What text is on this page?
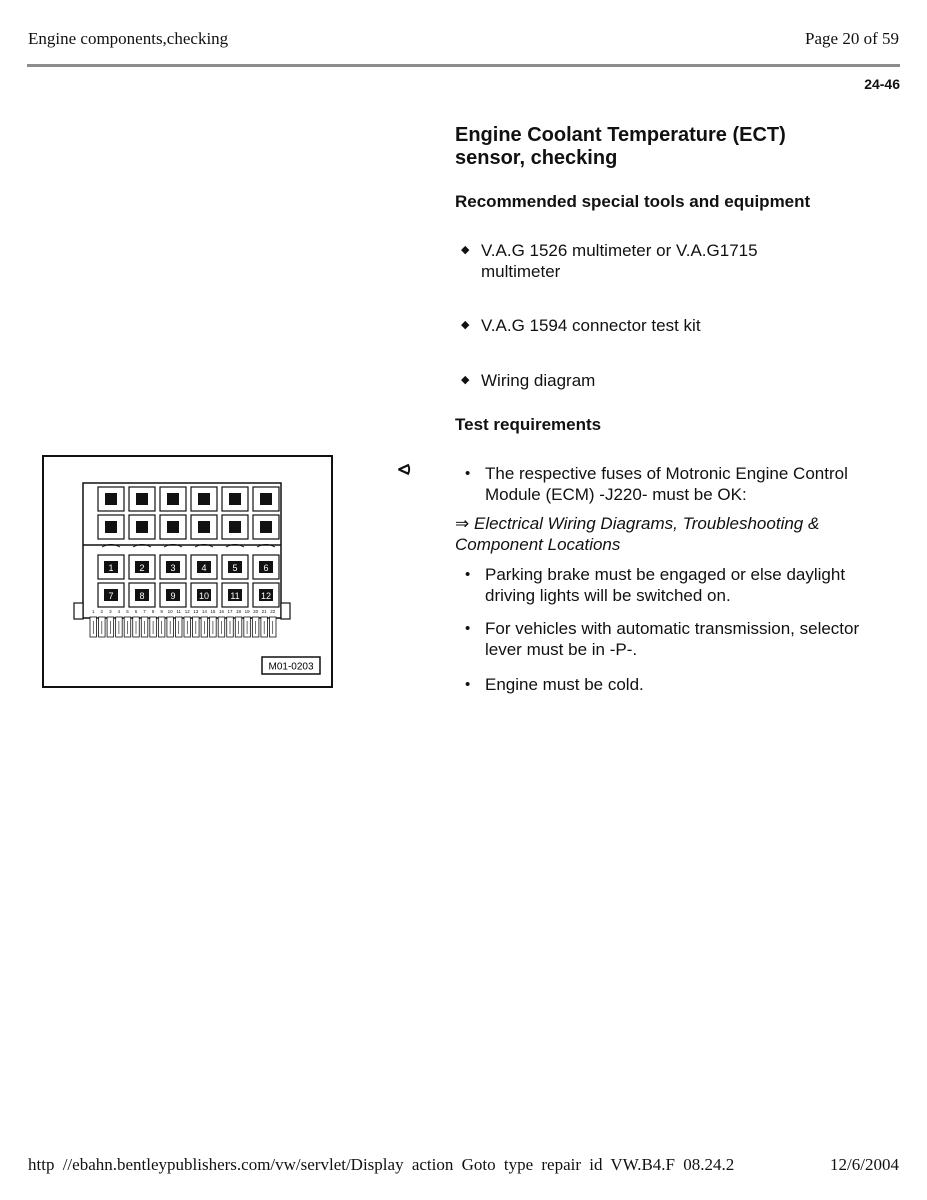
Engine components,checking	Page 20 of 59
24-46
Engine Coolant Temperature (ECT)
sensor, checking
Recommended special tools and equipment
◆ V.A.G 1526 multimeter or V.A.G1715 multimeter
◆ V.A.G 1594 connector test kit
◆ Wiring diagram
Test requirements
• The respective fuses of Motronic Engine Control Module (ECM) -J220- must be OK:
⇒ Electrical Wiring Diagrams, Troubleshooting & Component Locations
• Parking brake must be engaged or else daylight driving lights will be switched on.
• For vehicles with automatic transmission, selector lever must be in -P-.
• Engine must be cold.
⪦
1	2	3	4	5	6
7	8	9	10 11 12
1 2 3 4 5 6 7 8 9 10 11 12 13 14 15 16 17 18 19 20 21 22
M01-0203
http //ebahn.bentleypublishers.com/vw/servlet/Display action Goto type repair id VW.B4.F 08.24.2	12/6/2004
